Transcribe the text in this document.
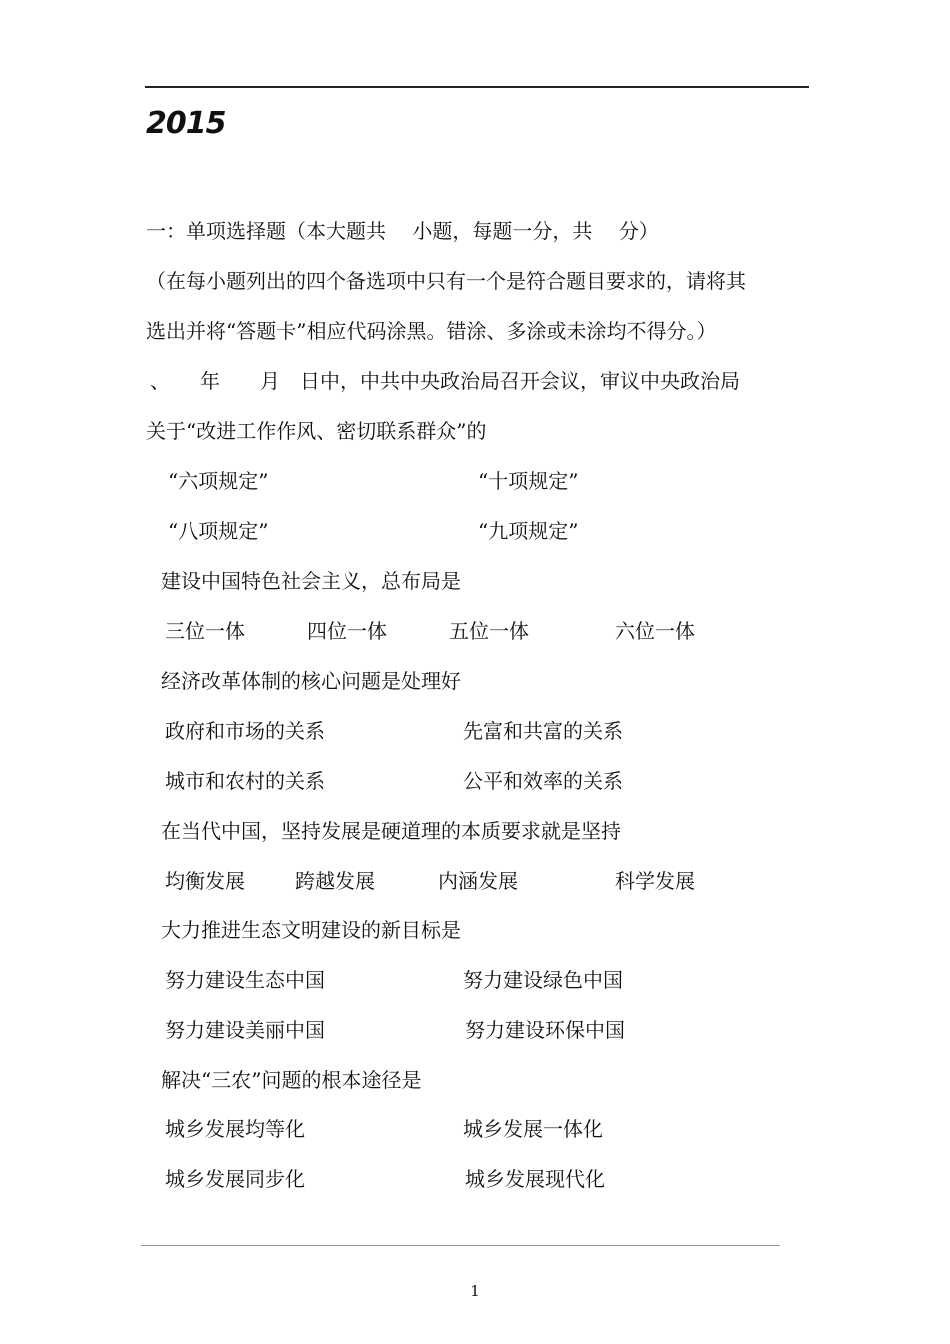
2015
一：单项选择题（本大题共　 小题，每题一分，共　 分）
（在每小题列出的四个备选项中只有一个是符合题目要求的，请将其
选出并将“答题卡”相应代码涂黑。错涂、多涂或未涂均不得分。）
、　　年　　月　日中，中共中央政治局召开会议，审议中央政治局
关于“改进工作作风、密切联系群众”的
“六项规定”	“十项规定”
“八项规定”	“九项规定”
建设中国特色社会主义，总布局是
三位一体	四位一体	五位一体	六位一体
经济改革体制的核心问题是处理好
政府和市场的关系	先富和共富的关系
城市和农村的关系	公平和效率的关系
在当代中国，坚持发展是硬道理的本质要求就是坚持
均衡发展	跨越发展	内涵发展	科学发展
大力推进生态文明建设的新目标是
努力建设生态中国	努力建设绿色中国
努力建设美丽中国	努力建设环保中国
解决“三农”问题的根本途径是
城乡发展均等化	城乡发展一体化
城乡发展同步化	城乡发展现代化
1
